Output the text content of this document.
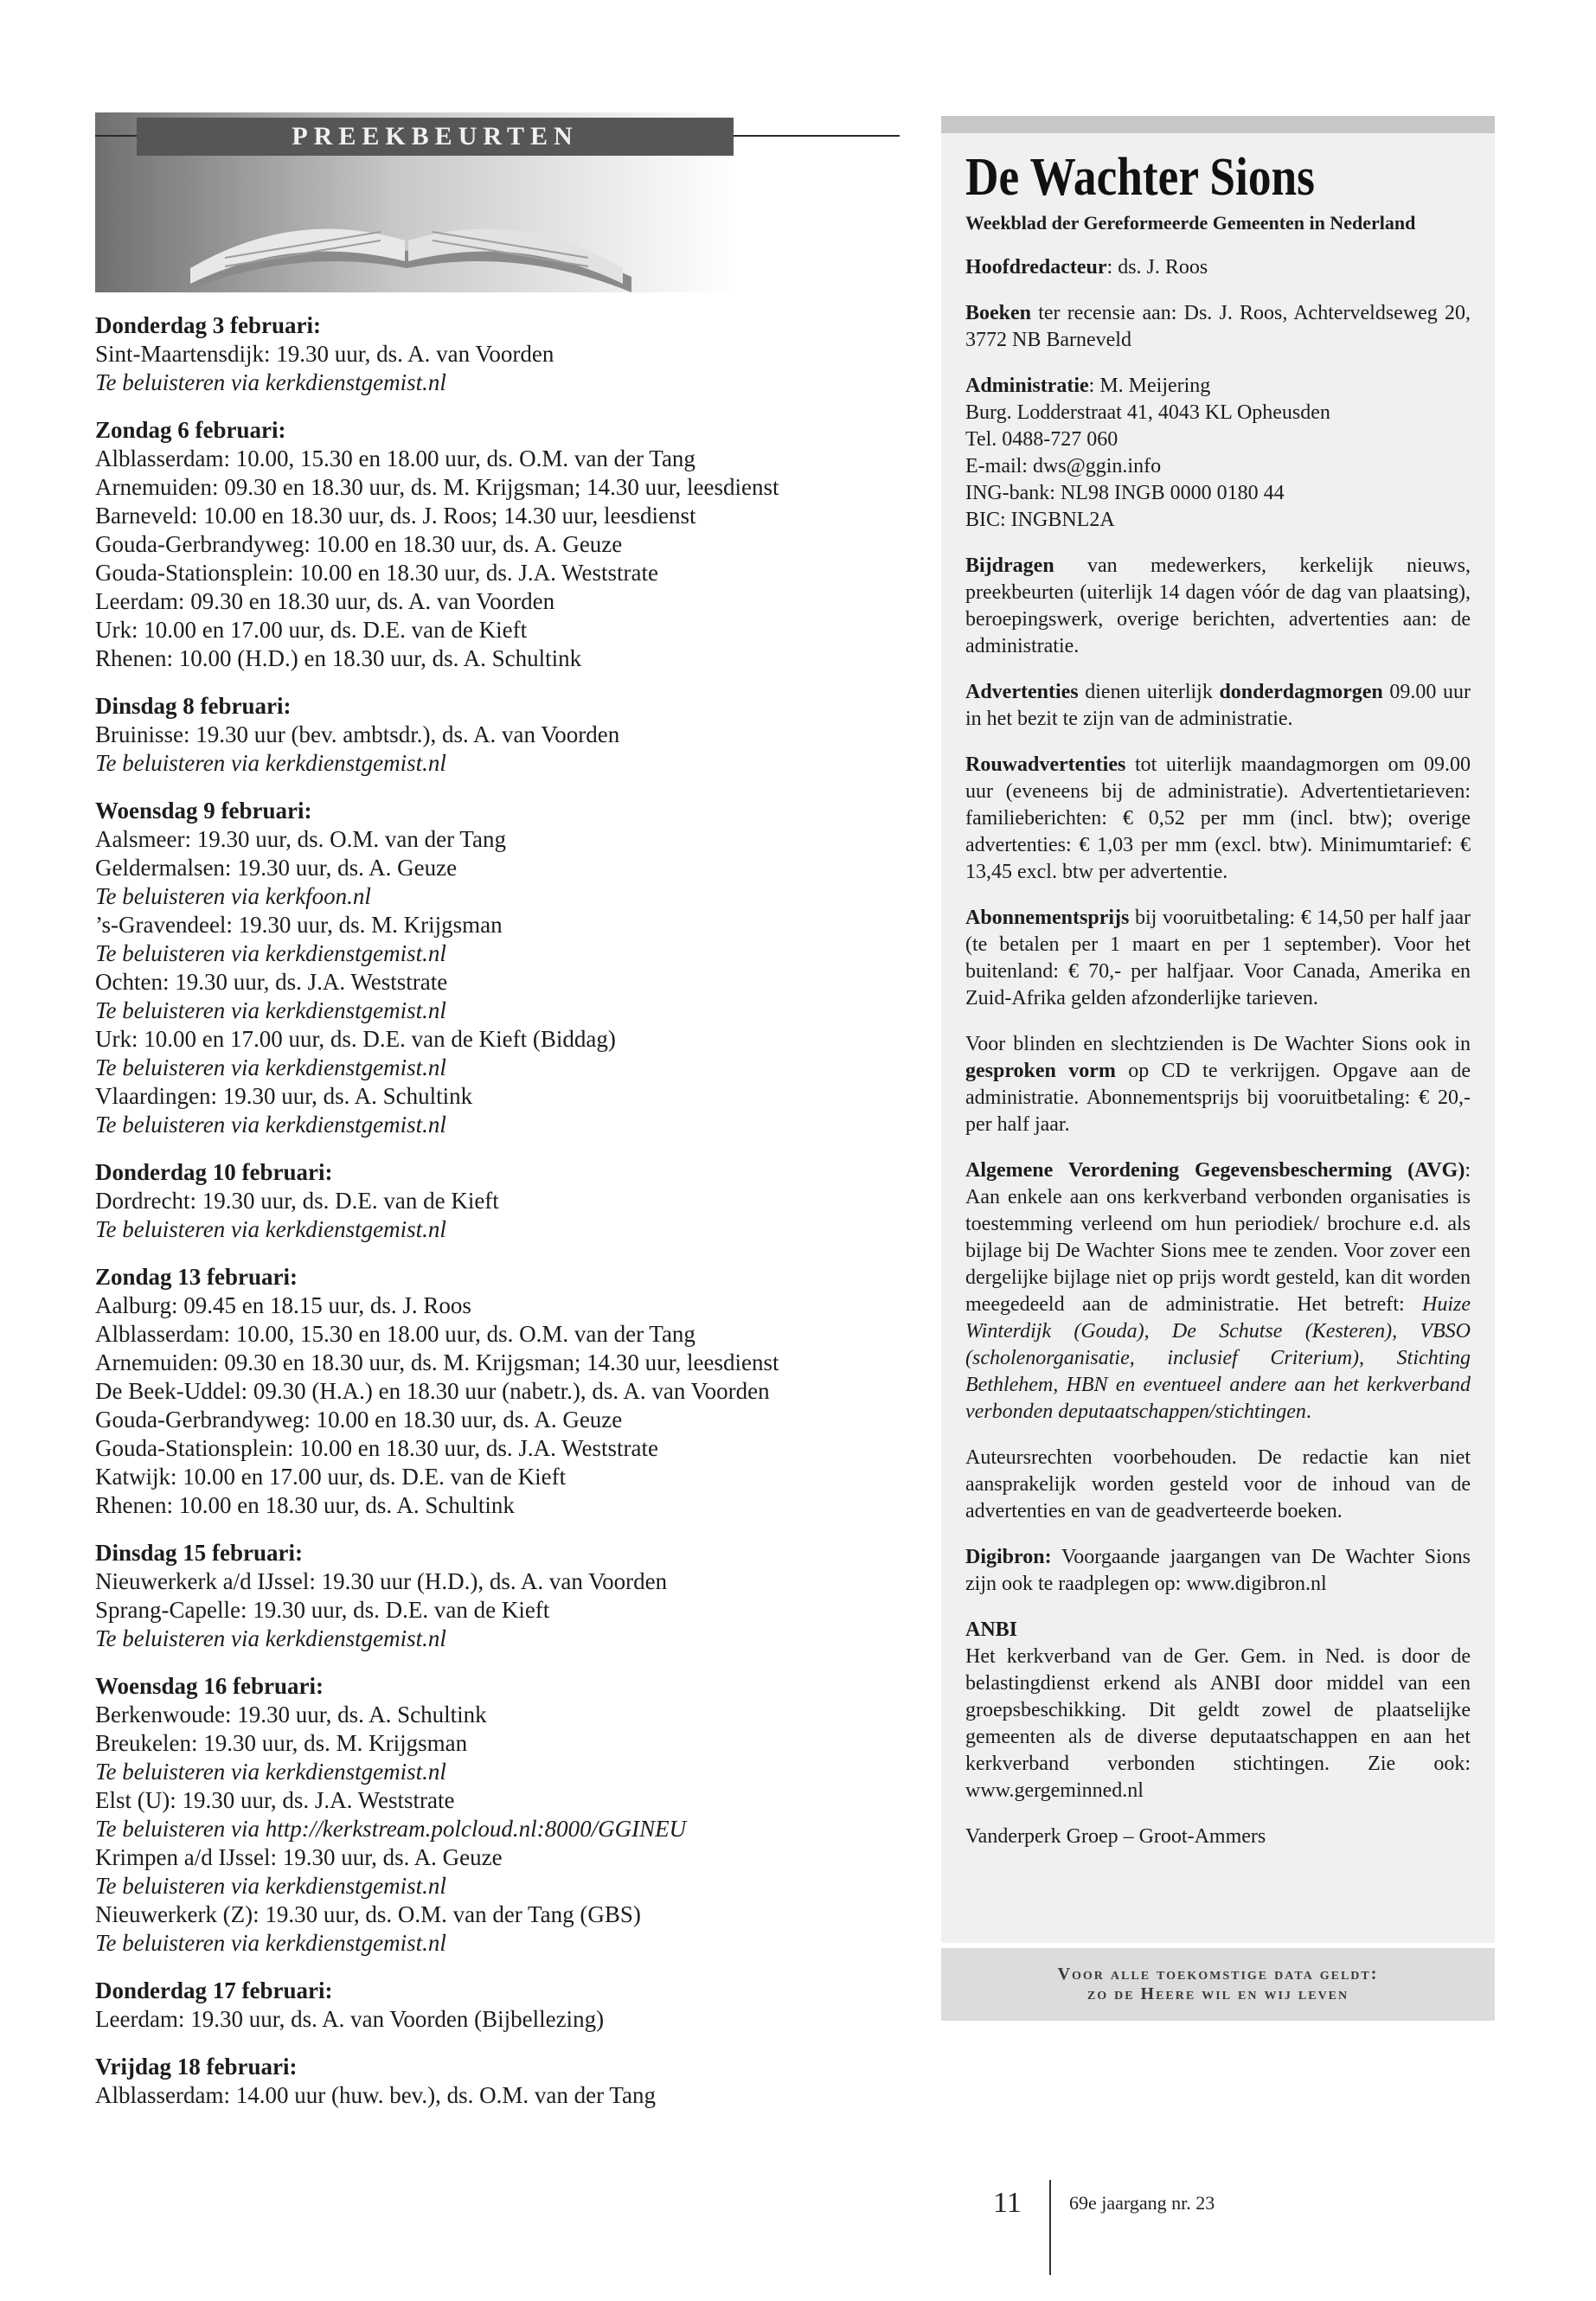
PREEKBEURTEN
Donderdag 3 februari:
Sint-Maartensdijk: 19.30 uur, ds. A. van Voorden
Te beluisteren via kerkdienstgemist.nl
Zondag 6 februari:
Alblasserdam: 10.00, 15.30 en 18.00 uur, ds. O.M. van der Tang
Arnemuiden: 09.30 en 18.30 uur, ds. M. Krijgsman; 14.30 uur, leesdienst
Barneveld: 10.00 en 18.30 uur, ds. J. Roos; 14.30 uur, leesdienst
Gouda-Gerbrandyweg: 10.00 en 18.30 uur, ds. A. Geuze
Gouda-Stationsplein: 10.00 en 18.30 uur, ds. J.A. Weststrate
Leerdam: 09.30 en 18.30 uur, ds. A. van Voorden
Urk: 10.00 en 17.00 uur, ds. D.E. van de Kieft
Rhenen: 10.00 (H.D.) en 18.30 uur, ds. A. Schultink
Dinsdag 8 februari:
Bruinisse: 19.30 uur (bev. ambtsdr.), ds. A. van Voorden
Te beluisteren via kerkdienstgemist.nl
Woensdag 9 februari:
Aalsmeer: 19.30 uur, ds. O.M. van der Tang
Geldermalsen: 19.30 uur, ds. A. Geuze
Te beluisteren via kerkfoon.nl
’s-Gravendeel: 19.30 uur, ds. M. Krijgsman
Te beluisteren via kerkdienstgemist.nl
Ochten: 19.30 uur, ds. J.A. Weststrate
Te beluisteren via kerkdienstgemist.nl
Urk: 10.00 en 17.00 uur, ds. D.E. van de Kieft (Biddag)
Te beluisteren via kerkdienstgemist.nl
Vlaardingen: 19.30 uur, ds. A. Schultink
Te beluisteren via kerkdienstgemist.nl
Donderdag 10 februari:
Dordrecht: 19.30 uur, ds. D.E. van de Kieft
Te beluisteren via kerkdienstgemist.nl
Zondag 13 februari:
Aalburg: 09.45 en 18.15 uur, ds. J. Roos
Alblasserdam: 10.00, 15.30 en 18.00 uur, ds. O.M. van der Tang
Arnemuiden: 09.30 en 18.30 uur, ds. M. Krijgsman; 14.30 uur, leesdienst
De Beek-Uddel: 09.30 (H.A.) en 18.30 uur (nabetr.), ds. A. van Voorden
Gouda-Gerbrandyweg: 10.00 en 18.30 uur, ds. A. Geuze
Gouda-Stationsplein: 10.00 en 18.30 uur, ds. J.A. Weststrate
Katwijk: 10.00 en 17.00 uur, ds. D.E. van de Kieft
Rhenen: 10.00 en 18.30 uur, ds. A. Schultink
Dinsdag 15 februari:
Nieuwerkerk a/d IJssel: 19.30 uur (H.D.), ds. A. van Voorden
Sprang-Capelle: 19.30 uur, ds. D.E. van de Kieft
Te beluisteren via kerkdienstgemist.nl
Woensdag 16 februari:
Berkenwoude: 19.30 uur, ds. A. Schultink
Breukelen: 19.30 uur, ds. M. Krijgsman
Te beluisteren via kerkdienstgemist.nl
Elst (U): 19.30 uur, ds. J.A. Weststrate
Te beluisteren via http://kerkstream.polcloud.nl:8000/GGINEU
Krimpen a/d IJssel: 19.30 uur, ds. A. Geuze
Te beluisteren via kerkdienstgemist.nl
Nieuwerkerk (Z): 19.30 uur, ds. O.M. van der Tang (GBS)
Te beluisteren via kerkdienstgemist.nl
Donderdag 17 februari:
Leerdam: 19.30 uur, ds. A. van Voorden (Bijbellezing)
Vrijdag 18 februari:
Alblasserdam: 14.00 uur (huw. bev.), ds. O.M. van der Tang
De Wachter Sions
Weekblad der Gereformeerde Gemeenten in Nederland
Hoofdredacteur: ds. J. Roos
Boeken ter recensie aan: Ds. J. Roos, Achterveldseweg 20, 3772 NB Barneveld
Administratie: M. Meijering
Burg. Lodderstraat 41, 4043 KL Opheusden
Tel. 0488-727 060
E-mail: dws@ggin.info
ING-bank: NL98 INGB 0000 0180 44
BIC: INGBNL2A
Bijdragen van medewerkers, kerkelijk nieuws, preekbeurten (uiterlijk 14 dagen vóór de dag van plaatsing), beroepingswerk, overige berichten, advertenties aan: de administratie.
Advertenties dienen uiterlijk donderdagmorgen 09.00 uur in het bezit te zijn van de administratie.
Rouwadvertenties tot uiterlijk maandagmorgen om 09.00 uur (eveneens bij de administratie). Advertentietarieven: familieberichten: € 0,52 per mm (incl. btw); overige advertenties: € 1,03 per mm (excl. btw). Minimumtarief: € 13,45 excl. btw per advertentie.
Abonnementsprijs bij vooruitbetaling: € 14,50 per half jaar (te betalen per 1 maart en per 1 september). Voor het buitenland: € 70,- per halfjaar. Voor Canada, Amerika en Zuid-Afrika gelden afzonderlijke tarieven.
Voor blinden en slechtzienden is De Wachter Sions ook in gesproken vorm op CD te verkrijgen. Opgave aan de administratie. Abonnementsprijs bij vooruitbetaling: € 20,- per half jaar.
Algemene Verordening Gegevensbescherming (AVG): Aan enkele aan ons kerkverband verbonden organisaties is toestemming verleend om hun periodiek/ brochure e.d. als bijlage bij De Wachter Sions mee te zenden. Voor zover een dergelijke bijlage niet op prijs wordt gesteld, kan dit worden meegedeeld aan de administratie. Het betreft: Huize Winterdijk (Gouda), De Schutse (Kesteren), VBSO (scholenorganisatie, inclusief Criterium), Stichting Bethlehem, HBN en eventueel andere aan het kerkverband verbonden deputaatschappen/stichtingen.
Auteursrechten voorbehouden. De redactie kan niet aansprakelijk worden gesteld voor de inhoud van de advertenties en van de geadverteerde boeken.
Digibron: Voorgaande jaargangen van De Wachter Sions zijn ook te raadplegen op: www.digibron.nl
ANBI
Het kerkverband van de Ger. Gem. in Ned. is door de belastingdienst erkend als ANBI door middel van een groepsbeschikking. Dit geldt zowel de plaatselijke gemeenten als de diverse deputaatschappen en aan het kerkverband verbonden stichtingen. Zie ook: www.gergeminned.nl
Vanderperk Groep – Groot-Ammers
Voor alle toekomstige data geldt:
zo de Heere wil en wij leven
11	69e jaargang nr. 23
